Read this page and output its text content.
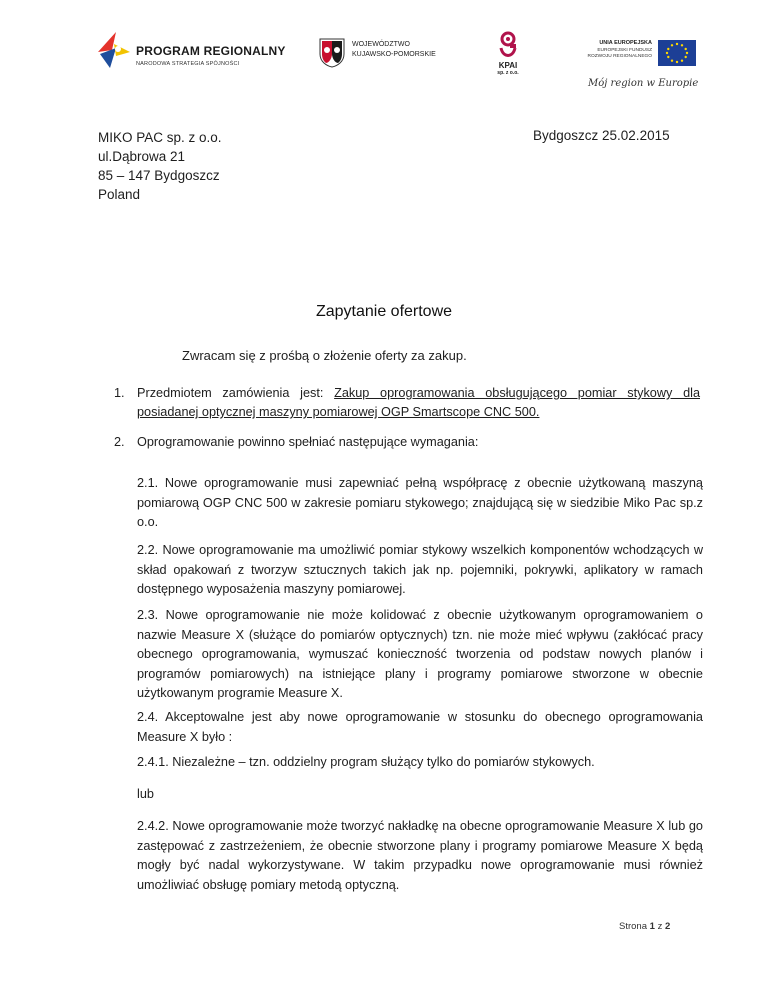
PROGRAM REGIONALNY
NARODOWA STRATEGIA SPÓJNOŚCI
WOJEWÓDZTWO
KUJAWSKO-POMORSKIE
KPAI
sp. z o.o.
UNIA EUROPEJSKA
EUROPEJSKI FUNDUSZ ROZWOJU REGIONALNEGO
Mój region w Europie
MIKO PAC sp. z o.o.
ul.Dąbrowa 21
85 – 147 Bydgoszcz
Poland
Bydgoszcz 25.02.2015
Zapytanie ofertowe
Zwracam się z prośbą o złożenie oferty za zakup.
1. Przedmiotem zamówienia jest: Zakup oprogramowania obsługującego pomiar stykowy dla posiadanej optycznej maszyny pomiarowej OGP Smartscope CNC 500.
2. Oprogramowanie powinno spełniać następujące wymagania:
2.1. Nowe oprogramowanie musi zapewniać pełną współpracę z obecnie użytkowaną maszyną pomiarową OGP CNC 500 w zakresie pomiaru stykowego; znajdującą się w siedzibie Miko Pac sp.z o.o.
2.2. Nowe oprogramowanie ma umożliwić pomiar stykowy wszelkich komponentów wchodzących w skład opakowań z tworzyw sztucznych takich jak np. pojemniki, pokrywki, aplikatory w ramach dostępnego wyposażenia maszyny pomiarowej.
2.3. Nowe oprogramowanie nie może kolidować z obecnie użytkowanym oprogramowaniem o nazwie Measure X (służące do pomiarów optycznych) tzn. nie może mieć wpływu (zakłócać pracy obecnego oprogramowania, wymuszać konieczność tworzenia od podstaw nowych planów i programów pomiarowych) na istniejące plany i programy pomiarowe stworzone w obecnie użytkowanym programie Measure X.
2.4. Akceptowalne jest aby nowe oprogramowanie w stosunku do obecnego oprogramowania Measure X było :
2.4.1. Niezależne – tzn. oddzielny program służący tylko do pomiarów stykowych.
lub
2.4.2. Nowe oprogramowanie może tworzyć nakładkę na obecne oprogramowanie Measure X lub go zastępować z zastrzeżeniem, że obecnie stworzone plany i programy pomiarowe Measure X będą mogły być nadal wykorzystywane. W takim przypadku nowe oprogramowanie musi również umożliwiać obsługę pomiary metodą optyczną.
Strona 1 z 2
